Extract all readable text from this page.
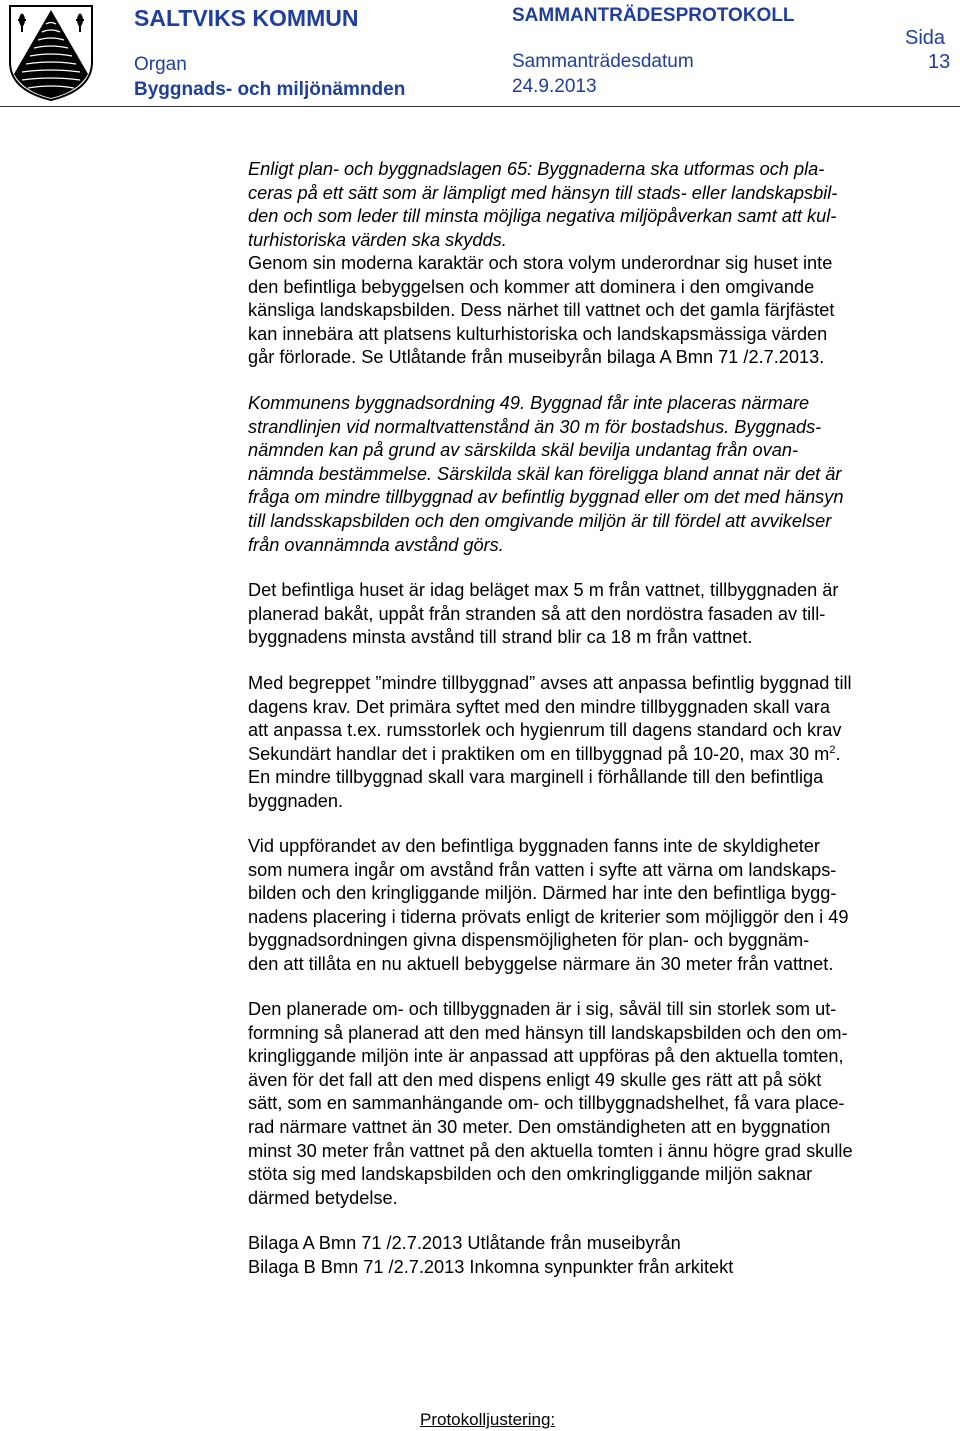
SALTVIKS KOMMUN
Organ
Byggnads- och miljönämnden
SAMMANTRÄDESPROTOKOLL
Sammanträdesdatum
24.9.2013
Sida
13
Enligt plan- och byggnadslagen 65: Byggnaderna ska utformas och pla-
ceras på ett sätt som är lämpligt med hänsyn till stads- eller landskapsbil-
den och som leder till minsta möjliga negativa miljöpåverkan samt att kul-
turhistoriska värden ska skydds.
Genom sin moderna karaktär och stora volym underordnar sig huset inte
den befintliga bebyggelsen och kommer att dominera i den omgivande
känsliga landskapsbilden. Dess närhet till vattnet och det gamla färjfästet
kan innebära att platsens kulturhistoriska och landskapsmässiga värden
går förlorade. Se Utlåtande från museibyrån bilaga A Bmn 71 /2.7.2013.
Kommunens byggnadsordning 49. Byggnad får inte placeras närmare
strandlinjen vid normaltvattenstånd än 30 m för bostadshus. Byggnads-
nämnden kan på grund av särskilda skäl bevilja undantag från ovan-
nämnda bestämmelse. Särskilda skäl kan föreligga bland annat när det är
fråga om mindre tillbyggnad av befintlig byggnad eller om det med hänsyn
till landsskapsbilden och den omgivande miljön är till fördel att avvikelser
från ovannämnda avstånd görs.
Det befintliga huset är idag beläget max 5 m från vattnet, tillbyggnaden är
planerad bakåt, uppåt från stranden så att den nordöstra fasaden av till-
byggnadens minsta avstånd till strand blir ca 18 m från vattnet.
Med begreppet ”mindre tillbyggnad” avses att anpassa befintlig byggnad till
dagens krav. Det primära syftet med den mindre tillbyggnaden skall vara
att anpassa t.ex. rumsstorlek och hygienrum till dagens standard och krav
Sekundärt handlar det i praktiken om en tillbyggnad på 10-20, max 30 $m^2$.
En mindre tillbyggnad skall vara marginell i förhållande till den befintliga
byggnaden.
Vid uppförandet av den befintliga byggnaden fanns inte de skyldigheter
som numera ingår om avstånd från vatten i syfte att värna om landskaps-
bilden och den kringliggande miljön. Därmed har inte den befintliga bygg-
nadens placering i tiderna prövats enligt de kriterier som möjliggör den i 49
byggnadsordningen givna dispensmöjligheten för plan- och byggnäm-
den att tillåta en nu aktuell bebyggelse närmare än 30 meter från vattnet.
Den planerade om- och tillbyggnaden är i sig, såväl till sin storlek som ut-
formning så planerad att den med hänsyn till landskapsbilden och den om-
kringliggande miljön inte är anpassad att uppföras på den aktuella tomten,
även för det fall att den med dispens enligt 49 skulle ges rätt att på sökt
sätt, som en sammanhängande om- och tillbyggnadshelhet, få vara place-
rad närmare vattnet än 30 meter. Den omständigheten att en byggnation
minst 30 meter från vattnet på den aktuella tomten i ännu högre grad skulle
stöta sig med landskapsbilden och den omkringliggande miljön saknar
därmed betydelse.
Bilaga A Bmn 71 /2.7.2013 Utlåtande från museibyrån
Bilaga B Bmn 71 /2.7.2013 Inkomna synpunkter från arkitekt
Protokolljustering:
